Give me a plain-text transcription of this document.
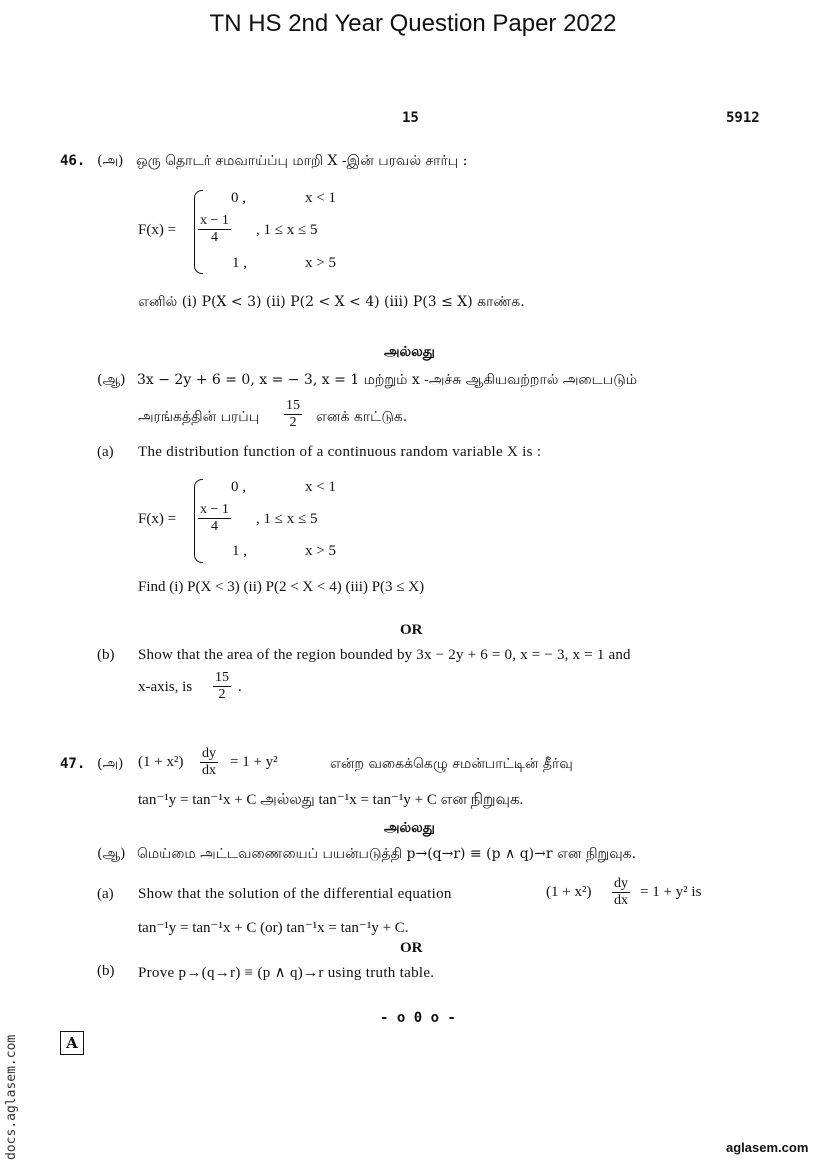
TN HS 2nd Year Question Paper 2022
15	5912
46. (அ) ஒரு தொடர் சமவாய்ப்பு மாறி X -இன் பரவல் சார்பு :
F(x) =
0 ,	x < 1
$\frac{x - 1}{4}$ , 1 ≤ x ≤ 5
1 ,	x > 5
எனில் (i) P(X < 3) (ii) P(2 < X < 4) (iii) P(3 ≤ X) காண்க.
அல்லது
(ஆ) 3x − 2y + 6 = 0, x = − 3, x = 1 மற்றும் x -அச்சு ஆகியவற்றால் அடைபடும்
அரங்கத்தின் பரப்பு $\frac{15}{2}$ எனக் காட்டுக.
(a) The distribution function of a continuous random variable X is :
F(x) =
0 ,	x < 1
$\frac{x - 1}{4}$ , 1 ≤ x ≤ 5
1 ,	x > 5
Find (i) P(X < 3) (ii) P(2 < X < 4) (iii) P(3 ≤ X)
OR
(b) Show that the area of the region bounded by 3x − 2y + 6 = 0, x = − 3, x = 1 and
x-axis, is $\frac{15}{2}$ .
47. (அ) $(1 + x^2) \frac{dy}{dx} = 1 + y^2$	என்ற வகைக்கெழு சமன்பாட்டின் தீர்வு
tan⁻¹y = tan⁻¹x + C அல்லது tan⁻¹x = tan⁻¹y + C என நிறுவுக.
அல்லது
(ஆ) மெய்மை அட்டவணையைப் பயன்படுத்தி p→(q→r) ≡ (p ∧ q)→r என நிறுவுக.
(a) Show that the solution of the differential equation	$(1 + x^2) \frac{dy}{dx} = 1 + y^2$ is
tan⁻¹y = tan⁻¹x + C (or) tan⁻¹x = tan⁻¹y + C.
OR
(b) Prove p→(q→r) ≡ (p ∧ q)→r using truth table.
- o 0 o -
A
docs.aglasem.com	aglasem.com
